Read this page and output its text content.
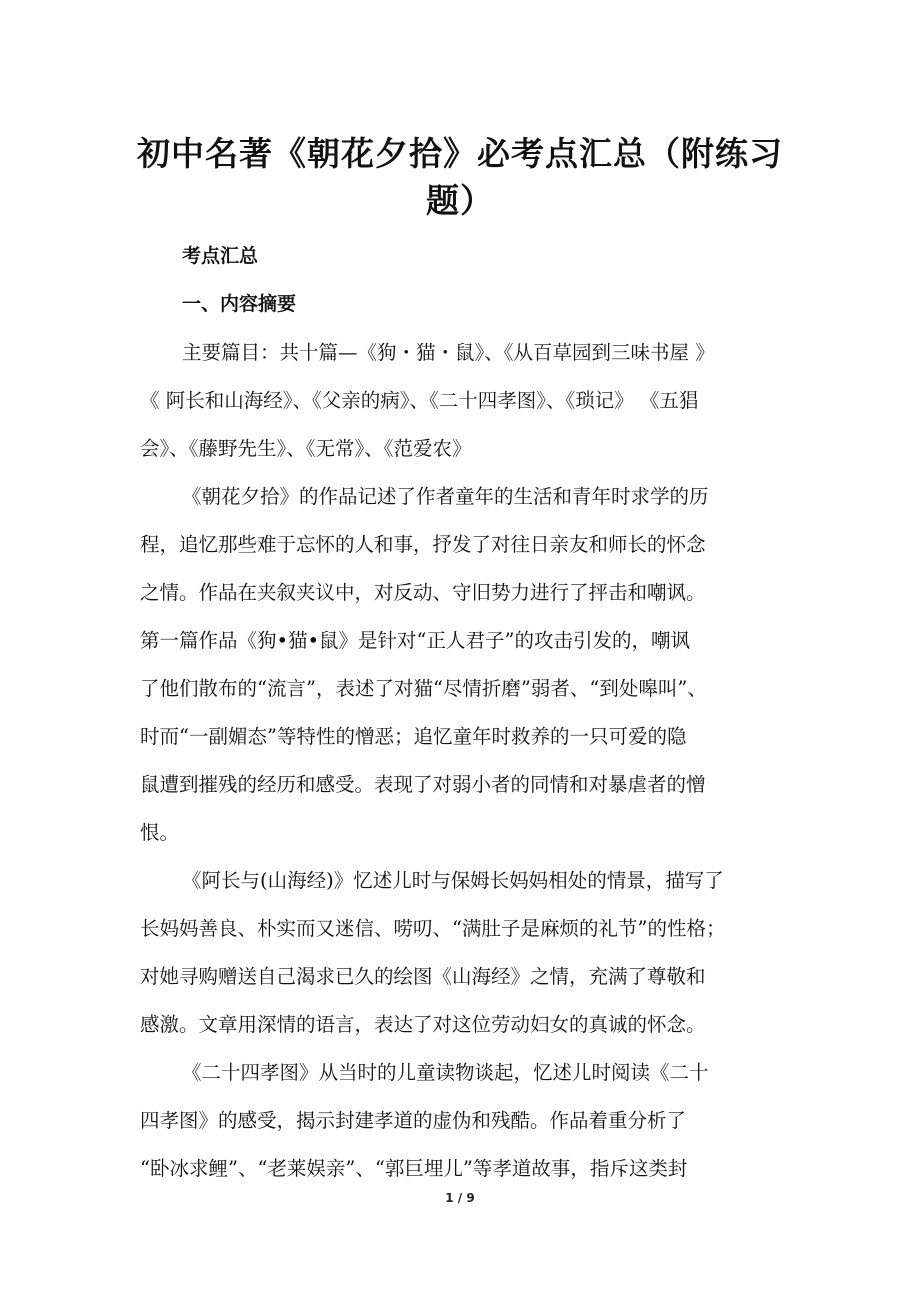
初中名著《朝花夕拾》必考点汇总（附练习题）
考点汇总
一、内容摘要
主要篇目：共十篇—《狗・猫・鼠》、《从百草园到三味书屋 》
《 阿长和山海经》、《父亲的病》、《二十四孝图》、《琐记》 《五猖
会》、《藤野先生》、《无常》、《范爱农》
《朝花夕拾》的作品记述了作者童年的生活和青年时求学的历
程，追忆那些难于忘怀的人和事，抒发了对往日亲友和师长的怀念
之情。作品在夹叙夹议中，对反动、守旧势力进行了抨击和嘲讽。
第一篇作品《狗•猫•鼠》是针对“正人君子”的攻击引发的，嘲讽
了他们散布的“流言”，表述了对猫“尽情折磨”弱者、“到处嗥叫”、
时而“一副媚态”等特性的憎恶；追忆童年时救养的一只可爱的隐
鼠遭到摧残的经历和感受。表现了对弱小者的同情和对暴虐者的憎
恨。
《阿长与(山海经)》忆述儿时与保姆长妈妈相处的情景，描写了
长妈妈善良、朴实而又迷信、唠叨、“满肚子是麻烦的礼节”的性格；
对她寻购赠送自己渴求已久的绘图《山海经》之情，充满了尊敬和
感激。文章用深情的语言，表达了对这位劳动妇女的真诚的怀念。
《二十四孝图》从当时的儿童读物谈起，忆述儿时阅读《二十
四孝图》的感受，揭示封建孝道的虚伪和残酷。作品着重分析了
“卧冰求鲤”、“老莱娱亲”、“郭巨埋儿”等孝道故事，指斥这类封
1 / 9
